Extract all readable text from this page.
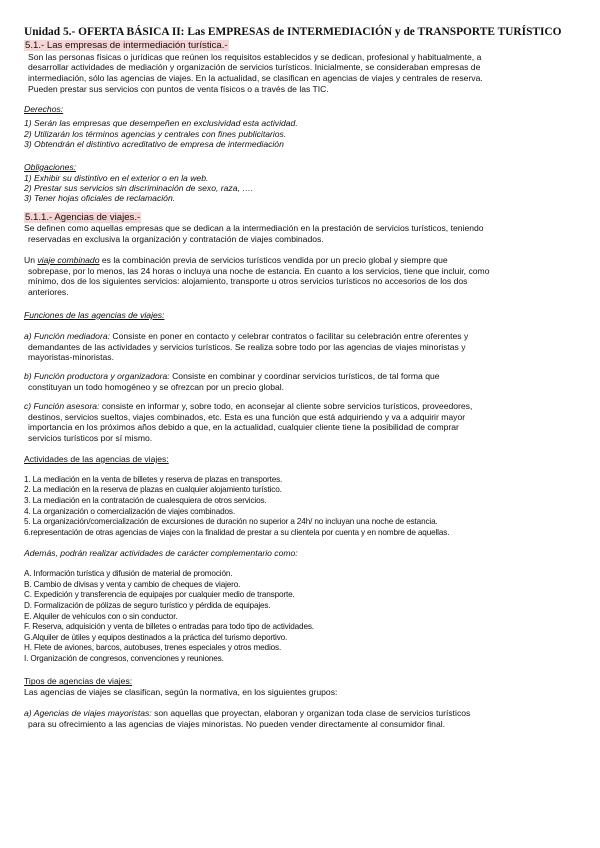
Unidad 5.- OFERTA BÁSICA II: Las EMPRESAS de INTERMEDIACIÓN y de TRANSPORTE TURÍSTICO
5.1.- Las empresas de intermediación turística.-
Son las personas físicas o jurídicas que reúnen los requisitos establecidos y se dedican, profesional y habitualmente, a
desarrollar actividades de mediación y organización de servicios turísticos. Inicialmente, se consideraban empresas de
intermediación, sólo las agencias de viajes. En la actualidad, se clasifican en agencias de viajes y centrales de reserva.
Pueden prestar sus servicios con puntos de venta físicos o a través de las TIC.
Derechos:
1) Serán las empresas que desempeñen en exclusividad esta actividad.
2) Utilizarán los términos agencias y centrales con fines publicitarios.
3) Obtendrán el distintivo acreditativo de empresa de intermediación
Obligaciones:
1) Exhibir su distintivo en el exterior o en la web.
2) Prestar sus servicios sin discriminación de sexo, raza, ….
3) Tener hojas oficiales de reclamación.
5.1.1.- Agencias de viajes.-
Se definen como aquellas empresas que se dedican a la intermediación en la prestación de servicios turísticos, teniendo
reservadas en exclusiva la organización y contratación de viajes combinados.
Un viaje combinado es la combinación previa de servicios turísticos vendida por un precio global y siempre que
sobrepase, por lo menos, las 24 horas o incluya una noche de estancia. En cuanto a los servicios, tiene que incluir, como
mínimo, dos de los siguientes servicios: alojamiento, transporte u otros servicios turísticos no accesorios de los dos
anteriores.
Funciones de las agencias de viajes:
a) Función mediadora: Consiste en poner en contacto y celebrar contratos o facilitar su celebración entre oferentes y
demandantes de las actividades y servicios turísticos. Se realiza sobre todo por las agencias de viajes minoristas y
mayoristas-minoristas.
b) Función productora y organizadora: Consiste en combinar y coordinar servicios turísticos, de tal forma que
constituyan un todo homogéneo y se ofrezcan por un precio global.
c) Función asesora: consiste en informar y, sobre todo, en aconsejar al cliente sobre servicios turísticos, proveedores,
destinos, servicios sueltos, viajes combinados, etc. Esta es una función que está adquiriendo y va a adquirir mayor
importancia en los próximos años debido a que, en la actualidad, cualquier cliente tiene la posibilidad de comprar
servicios turísticos por sí mismo.
Actividades de las agencias de viajes:
1. La mediación en la venta de billetes y reserva de plazas en transportes.
2. La mediación en la reserva de plazas en cualquier alojamiento turístico.
3. La mediación en la contratación de cualesquiera de otros servicios.
4. La organización o comercialización de viajes combinados.
5. La organización/comercialización de excursiones de duración no superior a 24h/ no incluyan una noche de estancia.
6.representación de otras agencias de viajes con la finalidad de prestar a su clientela por cuenta y en nombre de aquellas.
Además, podrán realizar actividades de carácter complementario como:
A. Información turística y difusión de material de promoción.
B. Cambio de divisas y venta y cambio de cheques de viajero.
C. Expedición y transferencia de equipajes por cualquier medio de transporte.
D. Formalización de pólizas de seguro turístico y pérdida de equipajes.
E. Alquiler de vehículos con o sin conductor.
F. Reserva, adquisición y venta de billetes o entradas para todo tipo de actividades.
G.Alquiler de útiles y equipos destinados a la práctica del turismo deportivo.
H. Flete de aviones, barcos, autobuses, trenes especiales y otros medios.
I. Organización de congresos, convenciones y reuniones.
Tipos de agencias de viajes:
Las agencias de viajes se clasifican, según la normativa, en los siguientes grupos:
a) Agencias de viajes mayoristas: son aquellas que proyectan, elaboran y organizan toda clase de servicios turísticos
para su ofrecimiento a las agencias de viajes minoristas. No pueden vender directamente al consumidor final.
